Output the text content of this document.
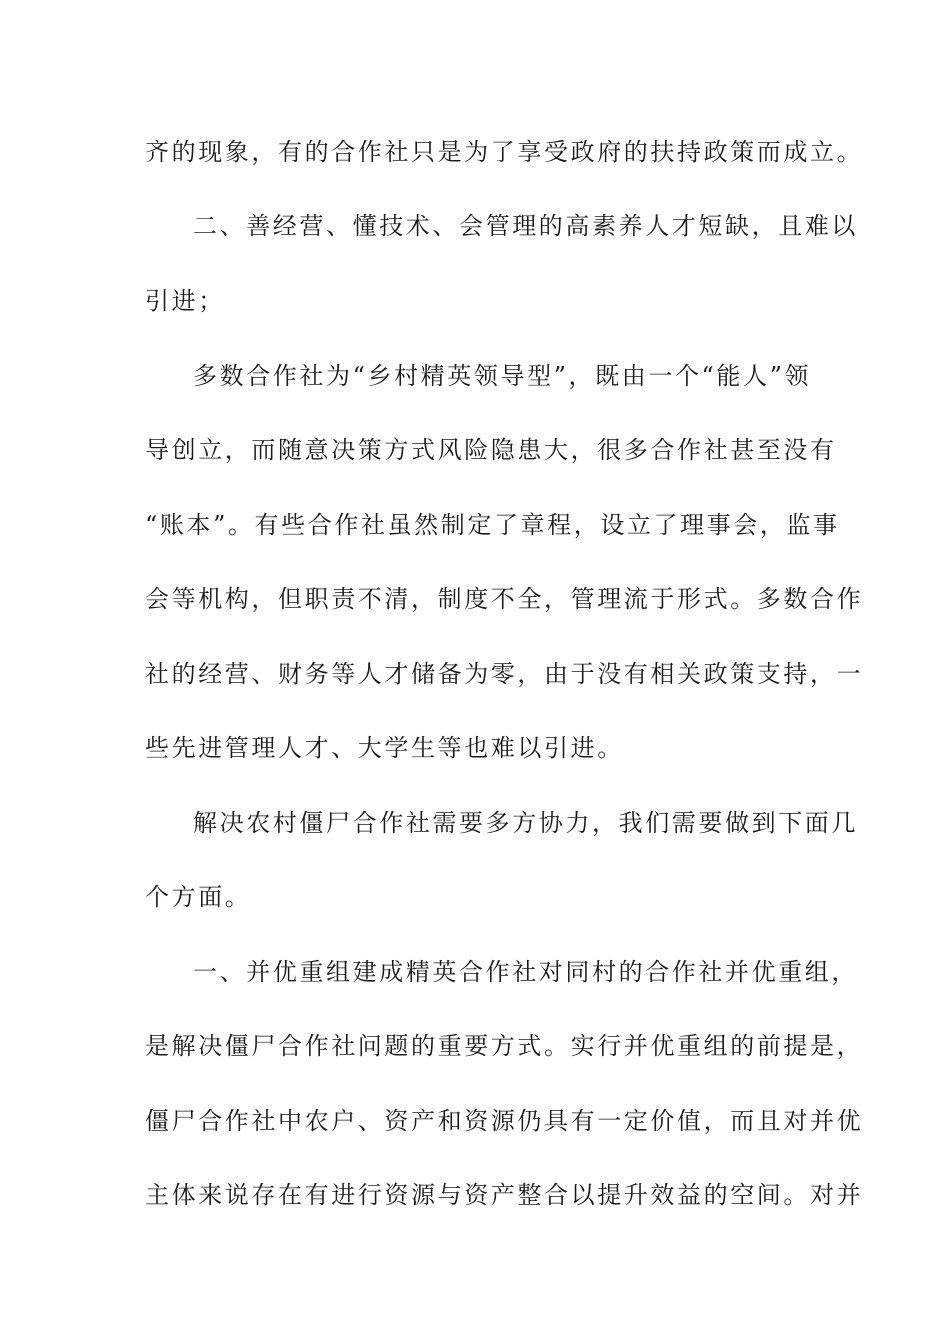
齐的现象，有的合作社只是为了享受政府的扶持政策而成立。
二、善经营、懂技术、会管理的高素养人才短缺，且难以
引进；
多数合作社为“乡村精英领导型”，既由一个“能人”领
导创立，而随意决策方式风险隐患大，很多合作社甚至没有
“账本”。有些合作社虽然制定了章程，设立了理事会，监事
会等机构，但职责不清，制度不全，管理流于形式。多数合作
社的经营、财务等人才储备为零，由于没有相关政策支持，一
些先进管理人才、大学生等也难以引进。
解决农村僵尸合作社需要多方协力，我们需要做到下面几
个方面。
一、并优重组建成精英合作社对同村的合作社并优重组，
是解决僵尸合作社问题的重要方式。实行并优重组的前提是，
僵尸合作社中农户、资产和资源仍具有一定价值，而且对并优
主体来说存在有进行资源与资产整合以提升效益的空间。对并
